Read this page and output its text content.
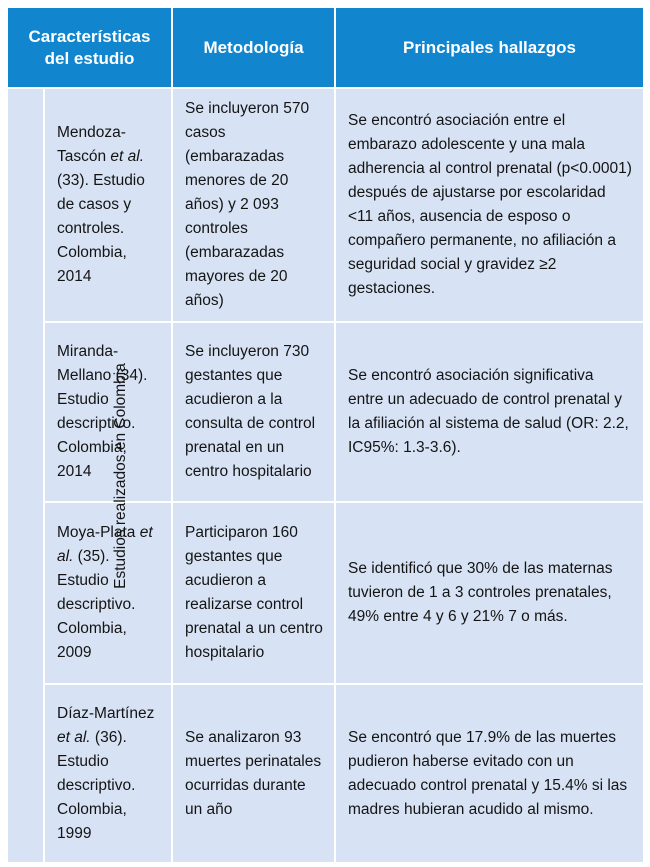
Características del estudio		Metodología	Principales hallazgos
Estudios realizados en Colombia	Mendoza-Tascón et al. (33). Estudio de casos y controles. Colombia, 2014	Se incluyeron 570 casos (embarazadas menores de 20 años) y 2 093 controles (embarazadas mayores de 20 años)	Se encontró asociación entre el embarazo adolescente y una mala adherencia al control prenatal (p<0.0001) después de ajustarse por escolaridad <11 años, ausencia de esposo o compañero permanente, no afiliación a seguridad social y gravidez ≥2 gestaciones.

	Miranda-Mellano (34). Estudio descriptivo. Colombia, 2014	Se incluyeron 730 gestantes que acudieron a la consulta de control prenatal en un centro hospitalario	Se encontró asociación significativa entre un adecuado de control prenatal y la afiliación al sistema de salud (OR: 2.2, IC95%: 1.3-3.6).

	Moya-Plata et al. (35). Estudio descriptivo. Colombia, 2009	Participaron 160 gestantes que acudieron a realizarse control prenatal a un centro hospitalario	Se identificó que 30% de las maternas tuvieron de 1 a 3 controles prenatales, 49% entre 4 y 6 y 21% 7 o más.

	Díaz-Martínez et al. (36). Estudio descriptivo. Colombia, 1999	Se analizaron 93 muertes perinatales ocurridas durante un año	Se encontró que 17.9% de las muertes pudieron haberse evitado con un adecuado control prenatal y 15.4% si las madres hubieran acudido al mismo.
